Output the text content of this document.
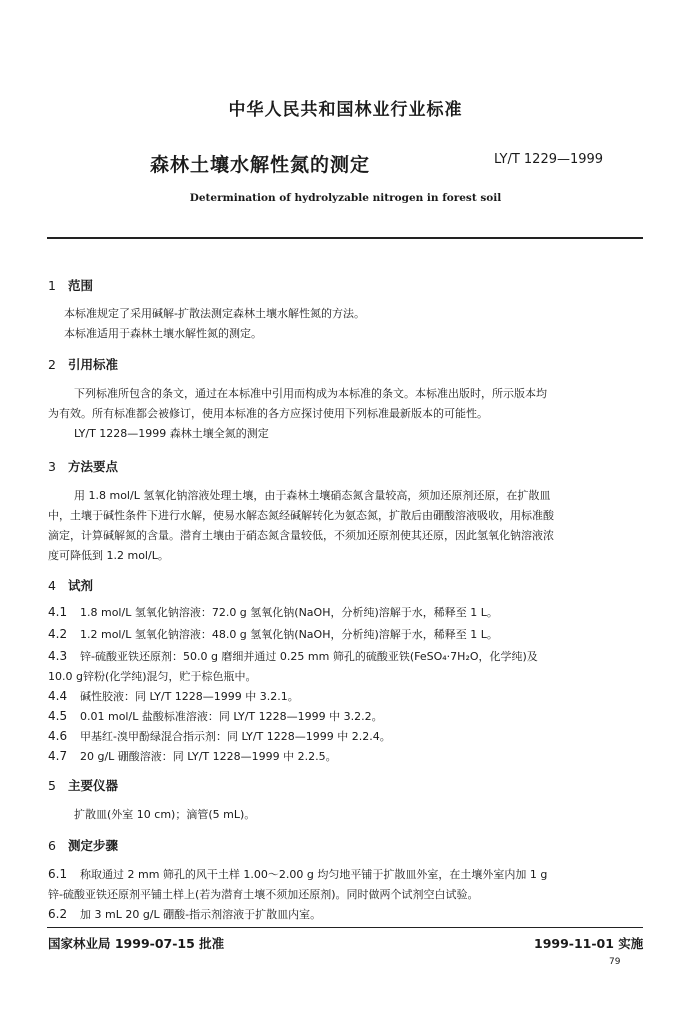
中华人民共和国林业行业标准
森林土壤水解性氮的测定	LY/T 1229—1999
Determination of hydrolyzable nitrogen in forest soil
1 范围
本标准规定了采用碱解-扩散法测定森林土壤水解性氮的方法。
本标准适用于森林土壤水解性氮的测定。
2 引用标准
下列标准所包含的条文，通过在本标准中引用而构成为本标准的条文。本标准出版时，所示版本均
为有效。所有标准都会被修订，使用本标准的各方应探讨使用下列标准最新版本的可能性。
LY/T 1228—1999 森林土壤全氮的测定
3 方法要点
用 1.8 mol/L 氢氧化钠溶液处理土壤，由于森林土壤硝态氮含量较高，须加还原剂还原，在扩散皿
中，土壤于碱性条件下进行水解，使易水解态氮经碱解转化为氨态氮，扩散后由硼酸溶液吸收，用标准酸
滴定，计算碱解氮的含量。潜育土壤由于硝态氮含量较低，不须加还原剂使其还原，因此氢氧化钠溶液浓
度可降低到 1.2 mol/L。
4 试剂
4.1 1.8 mol/L 氢氧化钠溶液：72.0 g 氢氧化钠(NaOH，分析纯)溶解于水，稀释至 1 L。
4.2 1.2 mol/L 氢氧化钠溶液：48.0 g 氢氧化钠(NaOH，分析纯)溶解于水，稀释至 1 L。
4.3 锌-硫酸亚铁还原剂：50.0 g 磨细并通过 0.25 mm 筛孔的硫酸亚铁(FeSO₄·7H₂O，化学纯)及
10.0 g锌粉(化学纯)混匀，贮于棕色瓶中。
4.4 碱性胶液：同 LY/T 1228—1999 中 3.2.1。
4.5 0.01 mol/L 盐酸标准溶液：同 LY/T 1228—1999 中 3.2.2。
4.6 甲基红-溴甲酚绿混合指示剂：同 LY/T 1228—1999 中 2.2.4。
4.7 20 g/L 硼酸溶液：同 LY/T 1228—1999 中 2.2.5。
5 主要仪器
扩散皿(外室 10 cm)；滴管(5 mL)。
6 测定步骤
6.1 称取通过 2 mm 筛孔的风干土样 1.00～2.00 g 均匀地平铺于扩散皿外室，在土壤外室内加 1 g
锌-硫酸亚铁还原剂平铺土样上(若为潜育土壤不须加还原剂)。同时做两个试剂空白试验。
6.2 加 3 mL 20 g/L 硼酸-指示剂溶液于扩散皿内室。
国家林业局 1999-07-15 批准	1999-11-01 实施
79
